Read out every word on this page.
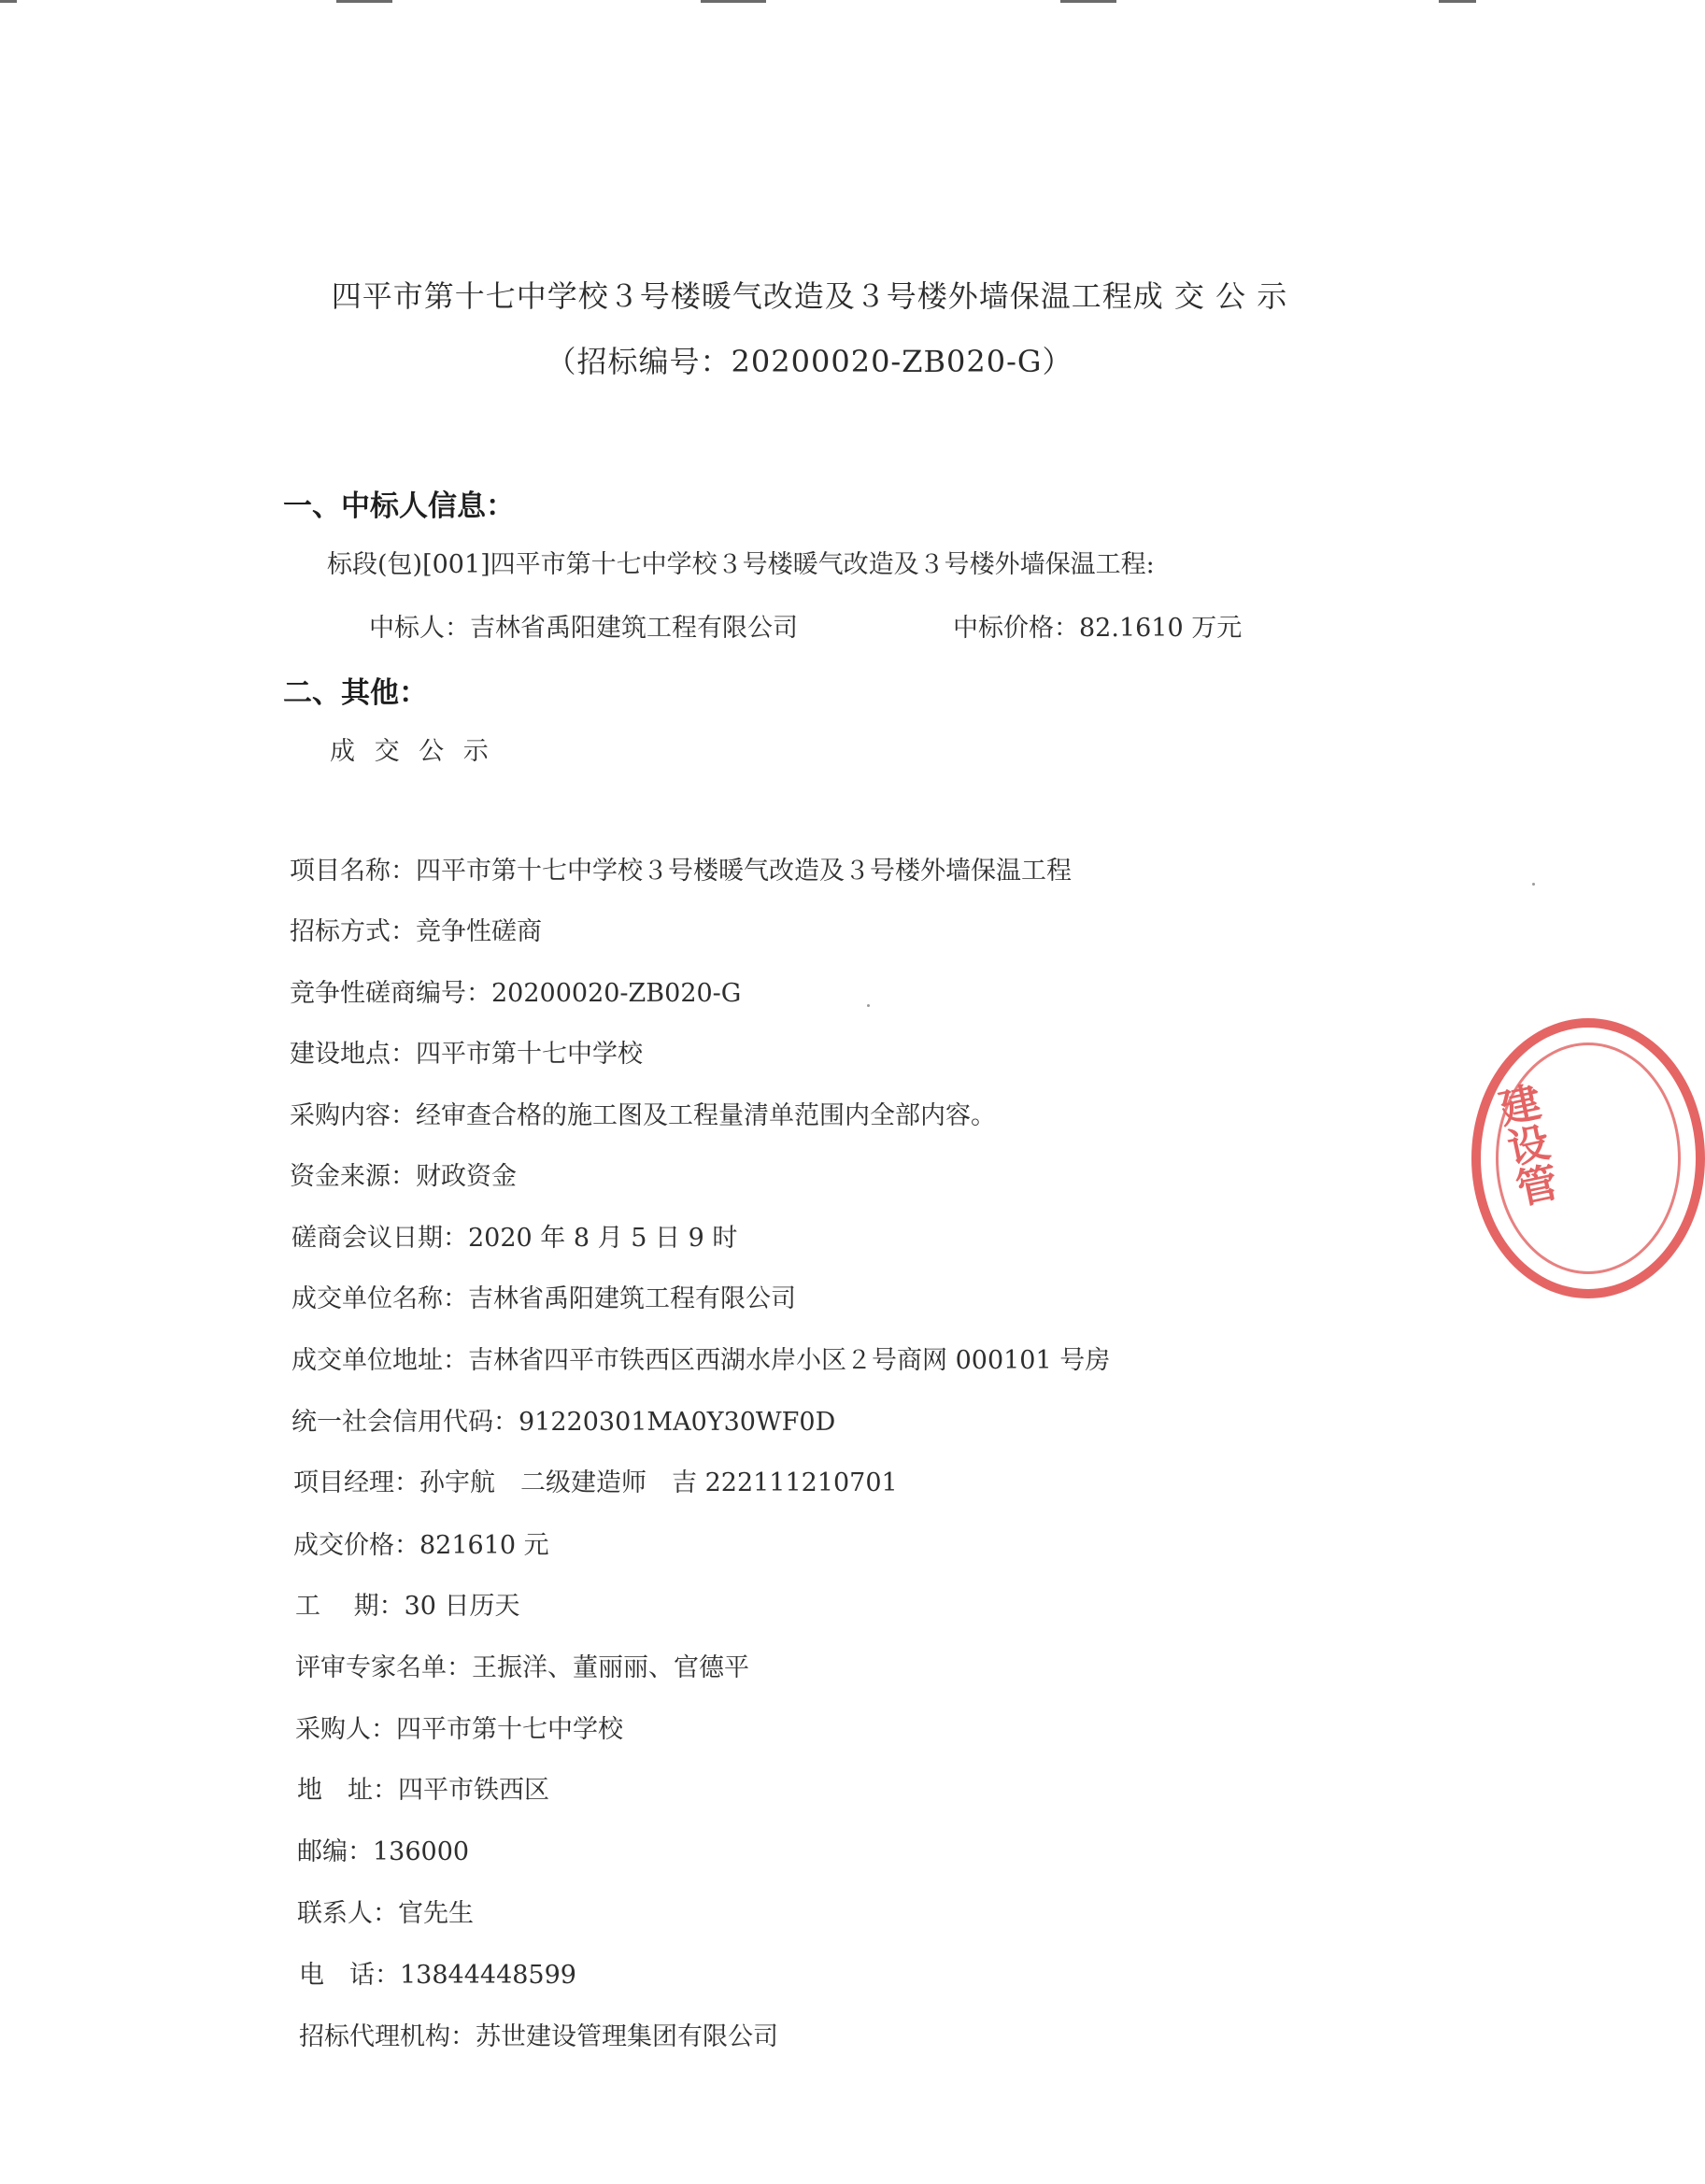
四平市第十七中学校３号楼暖气改造及３号楼外墙保温工程成 交 公 示
（招标编号：20200020-ZB020-G）
一、中标人信息：
标段(包)[001]四平市第十七中学校３号楼暖气改造及３号楼外墙保温工程:
中标人：吉林省禹阳建筑工程有限公司	中标价格：82.1610 万元
二、其他：
成 交 公 示
项目名称：四平市第十七中学校３号楼暖气改造及３号楼外墙保温工程
招标方式：竞争性磋商
竞争性磋商编号：20200020-ZB020-G
建设地点：四平市第十七中学校
采购内容：经审查合格的施工图及工程量清单范围内全部内容。
资金来源：财政资金
磋商会议日期：2020 年 8 月 5 日 9 时
成交单位名称：吉林省禹阳建筑工程有限公司
成交单位地址：吉林省四平市铁西区西湖水岸小区２号商网 000101 号房
统一社会信用代码：91220301MA0Y30WF0D
项目经理：孙宇航　二级建造师　吉 222111210701
成交价格：821610 元
工　 期：30 日历天
评审专家名单：王振洋、董丽丽、官德平
采购人：四平市第十七中学校
地　址：四平市铁西区
邮编：136000
联系人：官先生
电　话：13844448599
招标代理机构：苏世建设管理集团有限公司
建设管
